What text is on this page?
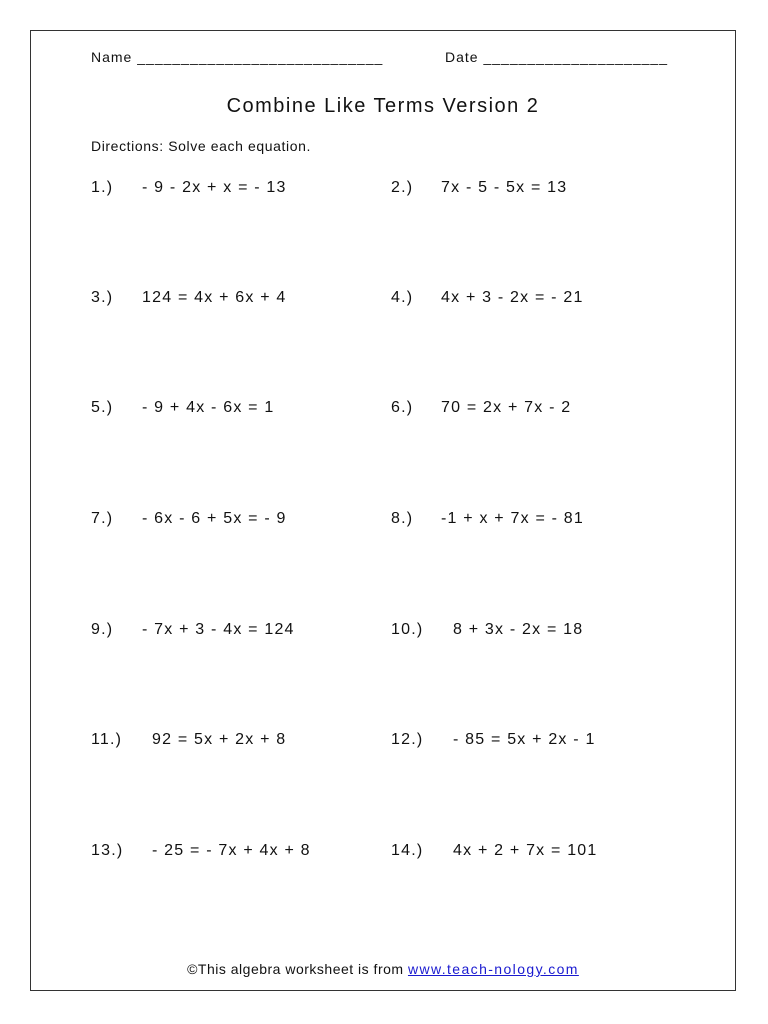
Name ____________________________	Date _____________________
Combine Like Terms Version 2
Directions: Solve each equation.
1.) - 9 - 2x + x = - 13	2.) 7x - 5 - 5x = 13
3.) 124 = 4x + 6x + 4	4.) 4x + 3 - 2x = - 21
5.) - 9 + 4x - 6x = 1	6.) 70 = 2x + 7x - 2
7.) - 6x - 6 + 5x = - 9	8.) -1 + x + 7x = - 81
9.) - 7x + 3 - 4x = 124	10.) 8 + 3x - 2x = 18
11.) 92 = 5x + 2x + 8	12.) - 85 = 5x + 2x - 1
13.) - 25 = - 7x + 4x + 8	14.) 4x + 2 + 7x = 101
©This algebra worksheet is from www.teach-nology.com
